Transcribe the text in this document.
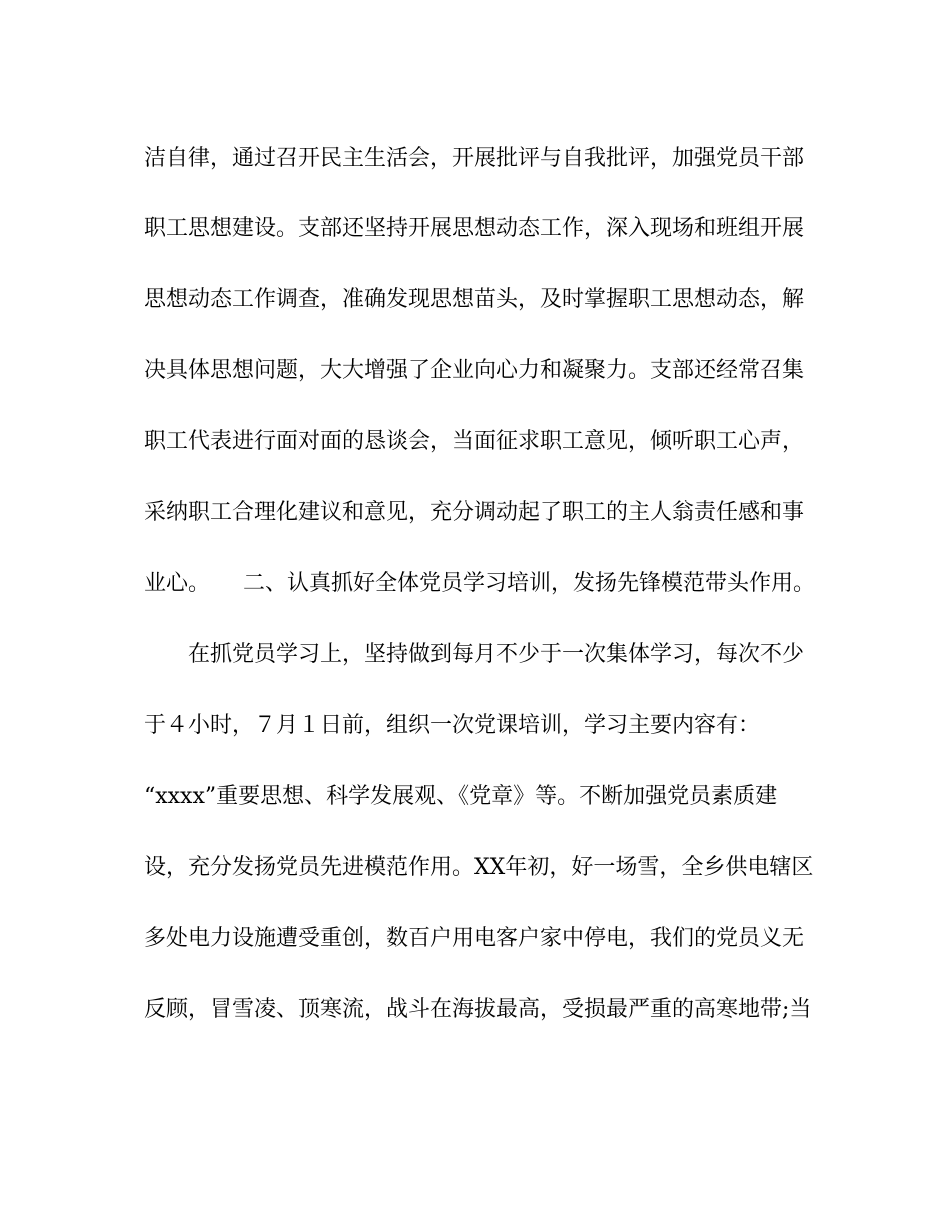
洁自律，通过召开民主生活会，开展批评与自我批评，加强党员干部
职工思想建设。支部还坚持开展思想动态工作，深入现场和班组开展
思想动态工作调查，准确发现思想苗头，及时掌握职工思想动态，解
决具体思想问题，大大增强了企业向心力和凝聚力。支部还经常召集
职工代表进行面对面的恳谈会，当面征求职工意见，倾听职工心声，
采纳职工合理化建议和意见，充分调动起了职工的主人翁责任感和事
业心。　　二、认真抓好全体党员学习培训，发扬先锋模范带头作用。
　　在抓党员学习上，坚持做到每月不少于一次集体学习，每次不少
于４小时，７月１日前，组织一次党课培训，学习主要内容有：
“xxxx”重要思想、科学发展观、《党章》等。不断加强党员素质建
设，充分发扬党员先进模范作用。XX年初，好一场雪，全乡供电辖区
多处电力设施遭受重创，数百户用电客户家中停电，我们的党员义无
反顾，冒雪凌、顶寒流，战斗在海拔最高，受损最严重的高寒地带;当
